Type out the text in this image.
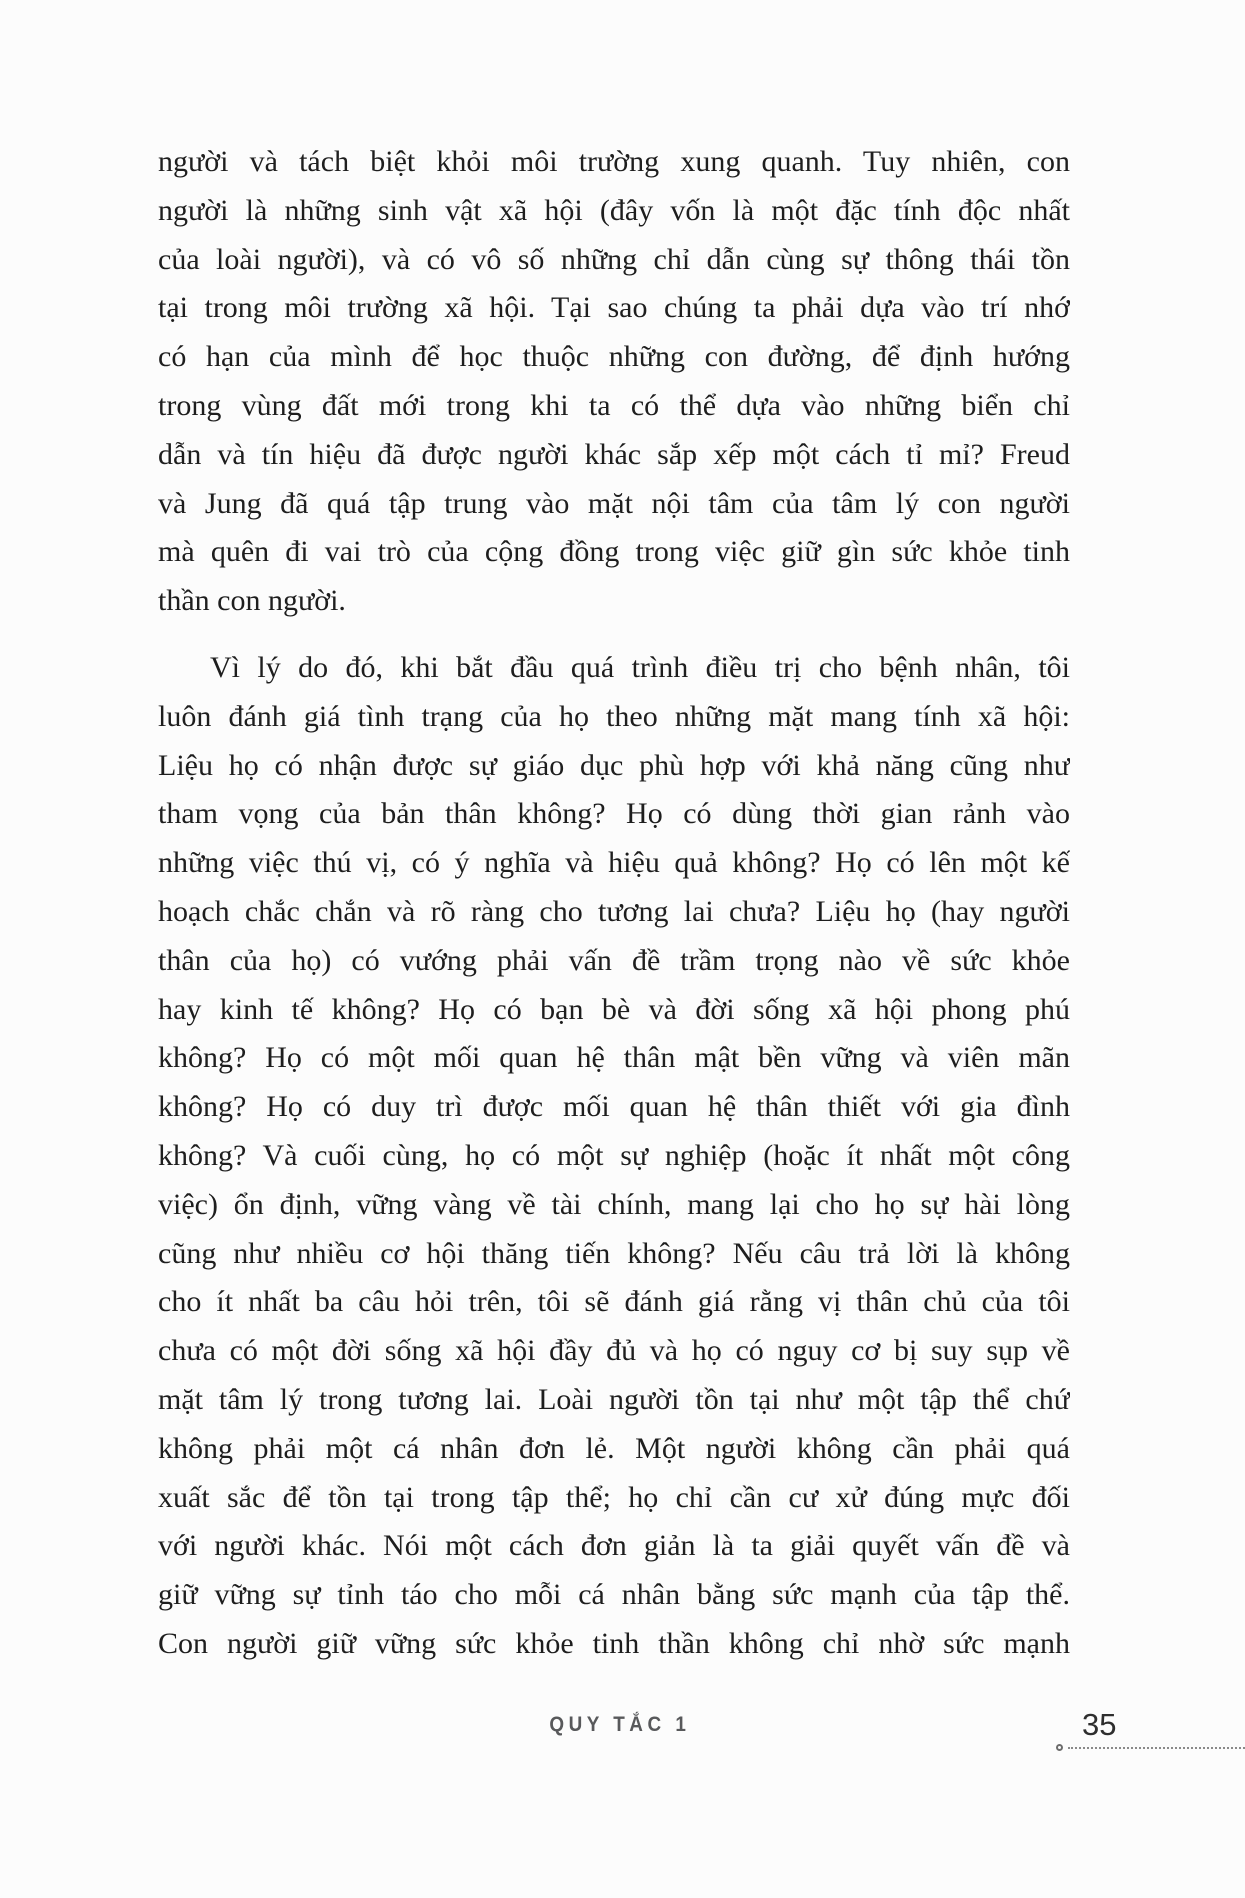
người và tách biệt khỏi môi trường xung quanh. Tuy nhiên, con
người là những sinh vật xã hội (đây vốn là một đặc tính độc nhất
của loài người), và có vô số những chỉ dẫn cùng sự thông thái tồn
tại trong môi trường xã hội. Tại sao chúng ta phải dựa vào trí nhớ
có hạn của mình để học thuộc những con đường, để định hướng
trong vùng đất mới trong khi ta có thể dựa vào những biển chỉ
dẫn và tín hiệu đã được người khác sắp xếp một cách tỉ mỉ? Freud
và Jung đã quá tập trung vào mặt nội tâm của tâm lý con người
mà quên đi vai trò của cộng đồng trong việc giữ gìn sức khỏe tinh
thần con người.
Vì lý do đó, khi bắt đầu quá trình điều trị cho bệnh nhân, tôi
luôn đánh giá tình trạng của họ theo những mặt mang tính xã hội:
Liệu họ có nhận được sự giáo dục phù hợp với khả năng cũng như
tham vọng của bản thân không? Họ có dùng thời gian rảnh vào
những việc thú vị, có ý nghĩa và hiệu quả không? Họ có lên một kế
hoạch chắc chắn và rõ ràng cho tương lai chưa? Liệu họ (hay người
thân của họ) có vướng phải vấn đề trầm trọng nào về sức khỏe
hay kinh tế không? Họ có bạn bè và đời sống xã hội phong phú
không? Họ có một mối quan hệ thân mật bền vững và viên mãn
không? Họ có duy trì được mối quan hệ thân thiết với gia đình
không? Và cuối cùng, họ có một sự nghiệp (hoặc ít nhất một công
việc) ổn định, vững vàng về tài chính, mang lại cho họ sự hài lòng
cũng như nhiều cơ hội thăng tiến không? Nếu câu trả lời là không
cho ít nhất ba câu hỏi trên, tôi sẽ đánh giá rằng vị thân chủ của tôi
chưa có một đời sống xã hội đầy đủ và họ có nguy cơ bị suy sụp về
mặt tâm lý trong tương lai. Loài người tồn tại như một tập thể chứ
không phải một cá nhân đơn lẻ. Một người không cần phải quá
xuất sắc để tồn tại trong tập thể; họ chỉ cần cư xử đúng mực đối
với người khác. Nói một cách đơn giản là ta giải quyết vấn đề và
giữ vững sự tỉnh táo cho mỗi cá nhân bằng sức mạnh của tập thể.
Con người giữ vững sức khỏe tinh thần không chỉ nhờ sức mạnh
QUY TẮC 1	35
